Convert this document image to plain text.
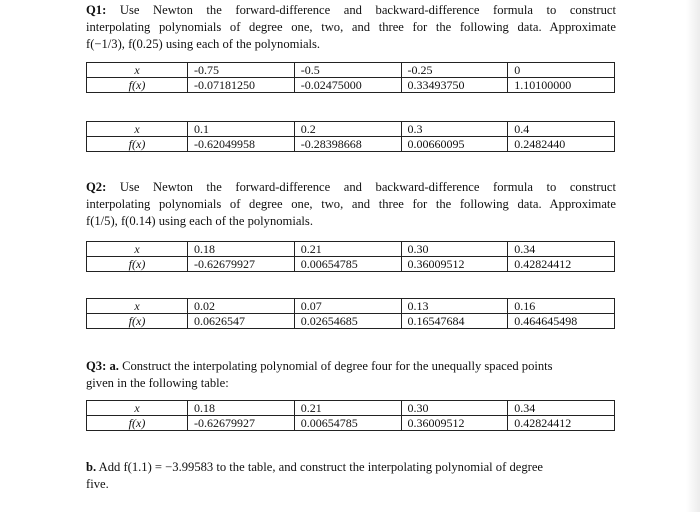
Q1: Use Newton the forward-difference and backward-difference formula to construct
interpolating polynomials of degree one, two, and three for the following data. Approximate
f(−1/3), f(0.25) using each of the polynomials.
x	-0.75	-0.5	-0.25	0
f(x)	-0.07181250	-0.02475000	0.33493750	1.10100000
x	0.1	0.2	0.3	0.4
f(x)	-0.62049958	-0.28398668	0.00660095	0.2482440
Q2: Use Newton the forward-difference and backward-difference formula to construct
interpolating polynomials of degree one, two, and three for the following data. Approximate
f(1/5), f(0.14) using each of the polynomials.
x	0.18	0.21	0.30	0.34
f(x)	-0.62679927	0.00654785	0.36009512	0.42824412
x	0.02	0.07	0.13	0.16
f(x)	0.0626547	0.02654685	0.16547684	0.464645498
Q3: a. Construct the interpolating polynomial of degree four for the unequally spaced points
given in the following table:
x	0.18	0.21	0.30	0.34
f(x)	-0.62679927	0.00654785	0.36009512	0.42824412
b. Add f(1.1) = −3.99583 to the table, and construct the interpolating polynomial of degree
five.
